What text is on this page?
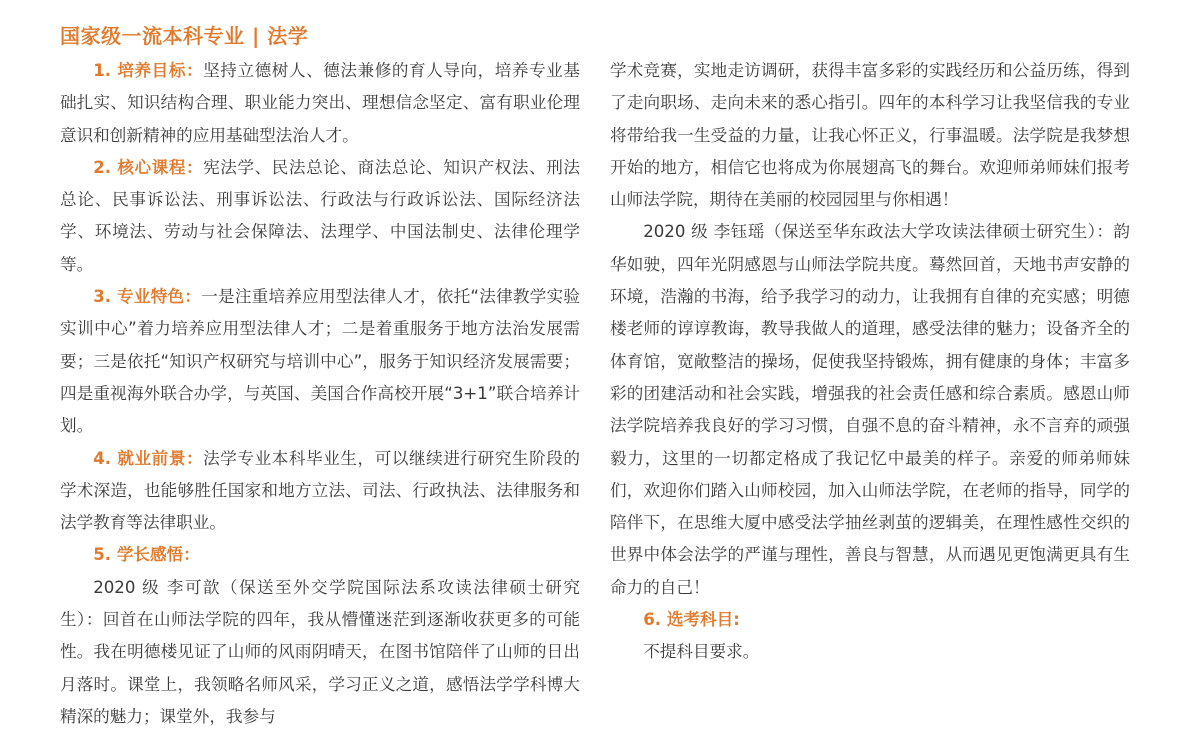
国家级一流本科专业 | 法学

1. 培养目标：坚持立德树人、德法兼修的育人导向，培养专业基础扎实、知识结构合理、职业能力突出、理想信念坚定、富有职业伦理意识和创新精神的应用基础型法治人才。

2. 核心课程：宪法学、民法总论、商法总论、知识产权法、刑法总论、民事诉讼法、刑事诉讼法、行政法与行政诉讼法、国际经济法学、环境法、劳动与社会保障法、法理学、中国法制史、法律伦理学等。

3. 专业特色：一是注重培养应用型法律人才，依托“法律教学实验实训中心”着力培养应用型法律人才；二是着重服务于地方法治发展需要；三是依托“知识产权研究与培训中心”，服务于知识经济发展需要；四是重视海外联合办学，与英国、美国合作高校开展“3+1”联合培养计划。

4. 就业前景：法学专业本科毕业生，可以继续进行研究生阶段的学术深造，也能够胜任国家和地方立法、司法、行政执法、法律服务和法学教育等法律职业。

5. 学长感悟：

2020 级 李可歆（保送至外交学院国际法系攻读法律硕士研究生）：回首在山师法学院的四年，我从懵懂迷茫到逐渐收获更多的可能性。我在明德楼见证了山师的风雨阴晴天，在图书馆陪伴了山师的日出月落时。课堂上，我领略名师风采，学习正义之道，感悟法学学科博大精深的魅力；课堂外，我参与

学术竞赛，实地走访调研，获得丰富多彩的实践经历和公益历练，得到了走向职场、走向未来的悉心指引。四年的本科学习让我坚信我的专业将带给我一生受益的力量，让我心怀正义，行事温暖。法学院是我梦想开始的地方，相信它也将成为你展翅高飞的舞台。欢迎师弟师妹们报考山师法学院，期待在美丽的校园园里与你相遇！

2020 级 李钰瑶（保送至华东政法大学攻读法律硕士研究生）：韵华如驶，四年光阴感恩与山师法学院共度。蓦然回首，天地书声安静的环境，浩瀚的书海，给予我学习的动力，让我拥有自律的充实感；明德楼老师的谆谆教诲，教导我做人的道理，感受法律的魅力；设备齐全的体育馆，宽敞整洁的操场，促使我坚持锻炼，拥有健康的身体；丰富多彩的团建活动和社会实践，增强我的社会责任感和综合素质。感恩山师法学院培养我良好的学习习惯，自强不息的奋斗精神，永不言弃的顽强毅力，这里的一切都定格成了我记忆中最美的样子。亲爱的师弟师妹们，欢迎你们踏入山师校园，加入山师法学院，在老师的指导，同学的陪伴下，在思维大厦中感受法学抽丝剥茧的逻辑美，在理性感性交织的世界中体会法学的严谨与理性，善良与智慧，从而遇见更饱满更具有生命力的自己！

6. 选考科目:

不提科目要求。
